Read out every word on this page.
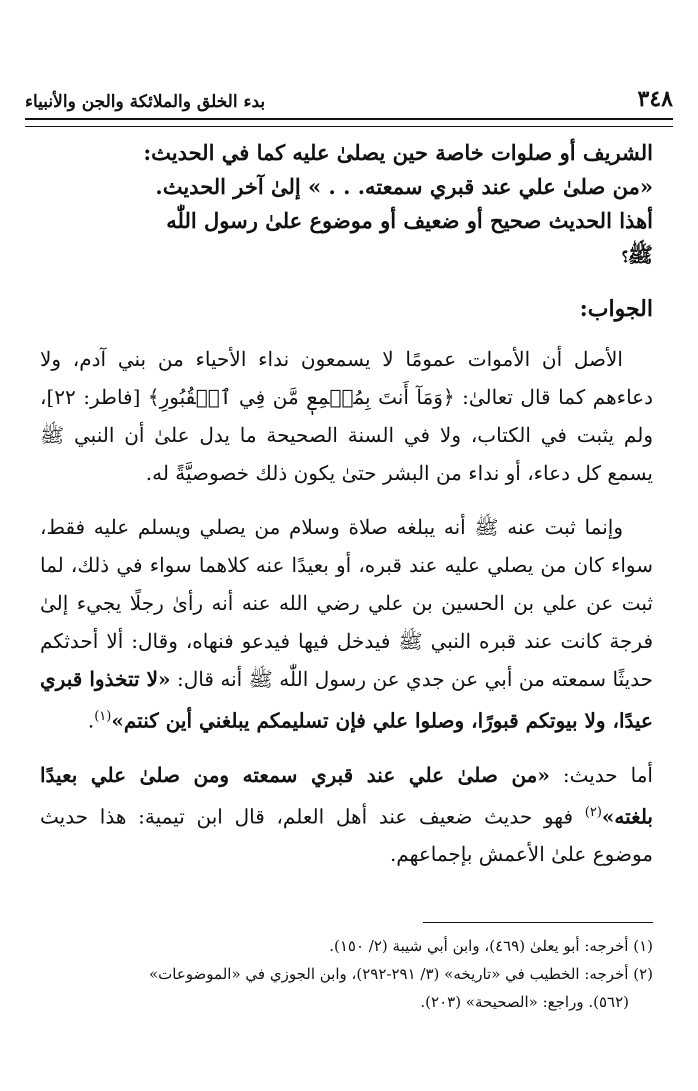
٣٤٨
بدء الخلق والملائكة والجن والأنبياء

الشريف أو صلوات خاصة حين يصلىٰ عليه كما في الحديث:

«من صلىٰ علي عند قبري سمعته. . . » إلىٰ آخر الحديث.

أهذا الحديث صحيح أو ضعيف أو موضوع علىٰ رسول اللّٰه

ﷺ؟

الجواب:

الأصل أن الأموات عمومًا لا يسمعون نداء الأحياء من بني آدم، ولا دعاءهم كما قال تعالىٰ: ﴿وَمَآ أَنتَ بِمُسۡمِعٖ مَّن فِي ٱلۡقُبُورِ﴾ [فاطر: ٢٢]، ولم يثبت في الكتاب، ولا في السنة الصحيحة ما يدل علىٰ أن النبي ﷺ يسمع كل دعاء، أو نداء من البشر حتىٰ يكون ذلك خصوصيَّةً له.

وإنما ثبت عنه ﷺ أنه يبلغه صلاة وسلام من يصلي ويسلم عليه فقط، سواء كان من يصلي عليه عند قبره، أو بعيدًا عنه كلاهما سواء في ذلك، لما ثبت عن علي بن الحسين بن علي رضي الله عنه أنه رأىٰ رجلًا يجيء إلىٰ فرجة كانت عند قبره النبي ﷺ فيدخل فيها فيدعو فنهاه، وقال: ألا أحدثكم حديثًا سمعته من أبي عن جدي عن رسول اللّٰه ﷺ أنه قال: «لا تتخذوا قبري عيدًا، ولا بيوتكم قبورًا، وصلوا علي فإن تسليمكم يبلغني أين كنتم»$^{(١)}$.

أما حديث: «من صلىٰ علي عند قبري سمعته ومن صلىٰ علي بعيدًا بلغته»$^{(٢)}$ فهو حديث ضعيف عند أهل العلم، قال ابن تيمية: هذا حديث موضوع علىٰ الأعمش بإجماعهم.

(١) أخرجه: أبو يعلىٰ (٤٦٩)، وابن أبي شيبة (٢/ ١٥٠).

(٢) أخرجه: الخطيب في «تاريخه» (٣/ ٢٩١-٢٩٢)، وابن الجوزي في «الموضوعات»

(٥٦٢). وراجع: «الصحيحة» (٢٠٣).
